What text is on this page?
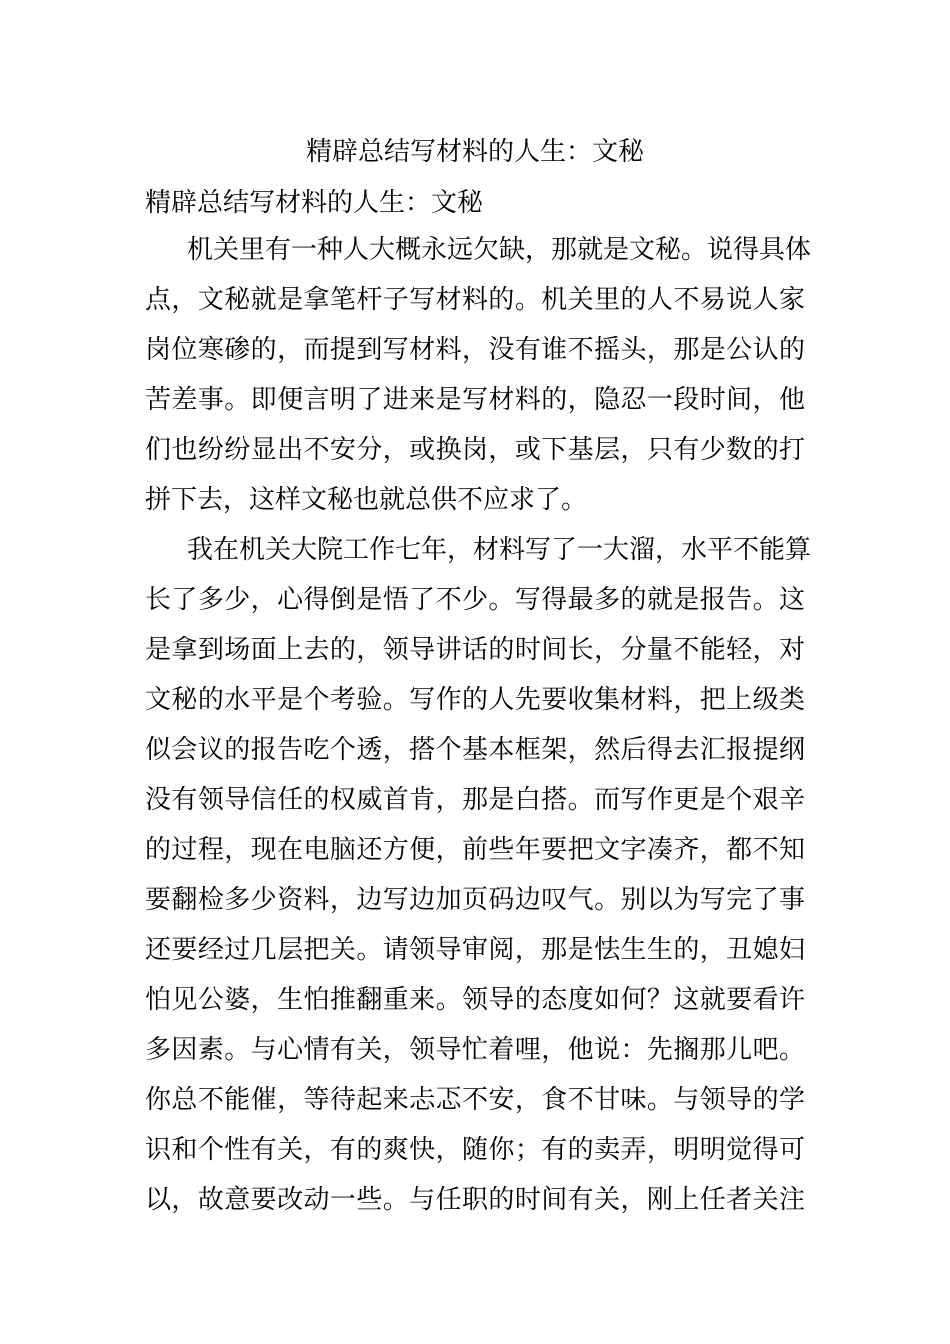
精辟总结写材料的人生：文秘
精辟总结写材料的人生：文秘
机关里有一种人大概永远欠缺，那就是文秘。说得具体
点，文秘就是拿笔杆子写材料的。机关里的人不易说人家
岗位寒碜的，而提到写材料，没有谁不摇头，那是公认的
苦差事。即便言明了进来是写材料的，隐忍一段时间，他
们也纷纷显出不安分，或换岗，或下基层，只有少数的打
拼下去，这样文秘也就总供不应求了。
我在机关大院工作七年，材料写了一大溜，水平不能算
长了多少，心得倒是悟了不少。写得最多的就是报告。这
是拿到场面上去的，领导讲话的时间长，分量不能轻，对
文秘的水平是个考验。写作的人先要收集材料，把上级类
似会议的报告吃个透，搭个基本框架，然后得去汇报提纲
没有领导信任的权威首肯，那是白搭。而写作更是个艰辛
的过程，现在电脑还方便，前些年要把文字凑齐，都不知
要翻检多少资料，边写边加页码边叹气。别以为写完了事
还要经过几层把关。请领导审阅，那是怯生生的，丑媳妇
怕见公婆，生怕推翻重来。领导的态度如何？这就要看许
多因素。与心情有关，领导忙着哩，他说：先搁那儿吧。
你总不能催，等待起来忐忑不安，食不甘味。与领导的学
识和个性有关，有的爽快，随你；有的卖弄，明明觉得可
以，故意要改动一些。与任职的时间有关，刚上任者关注
